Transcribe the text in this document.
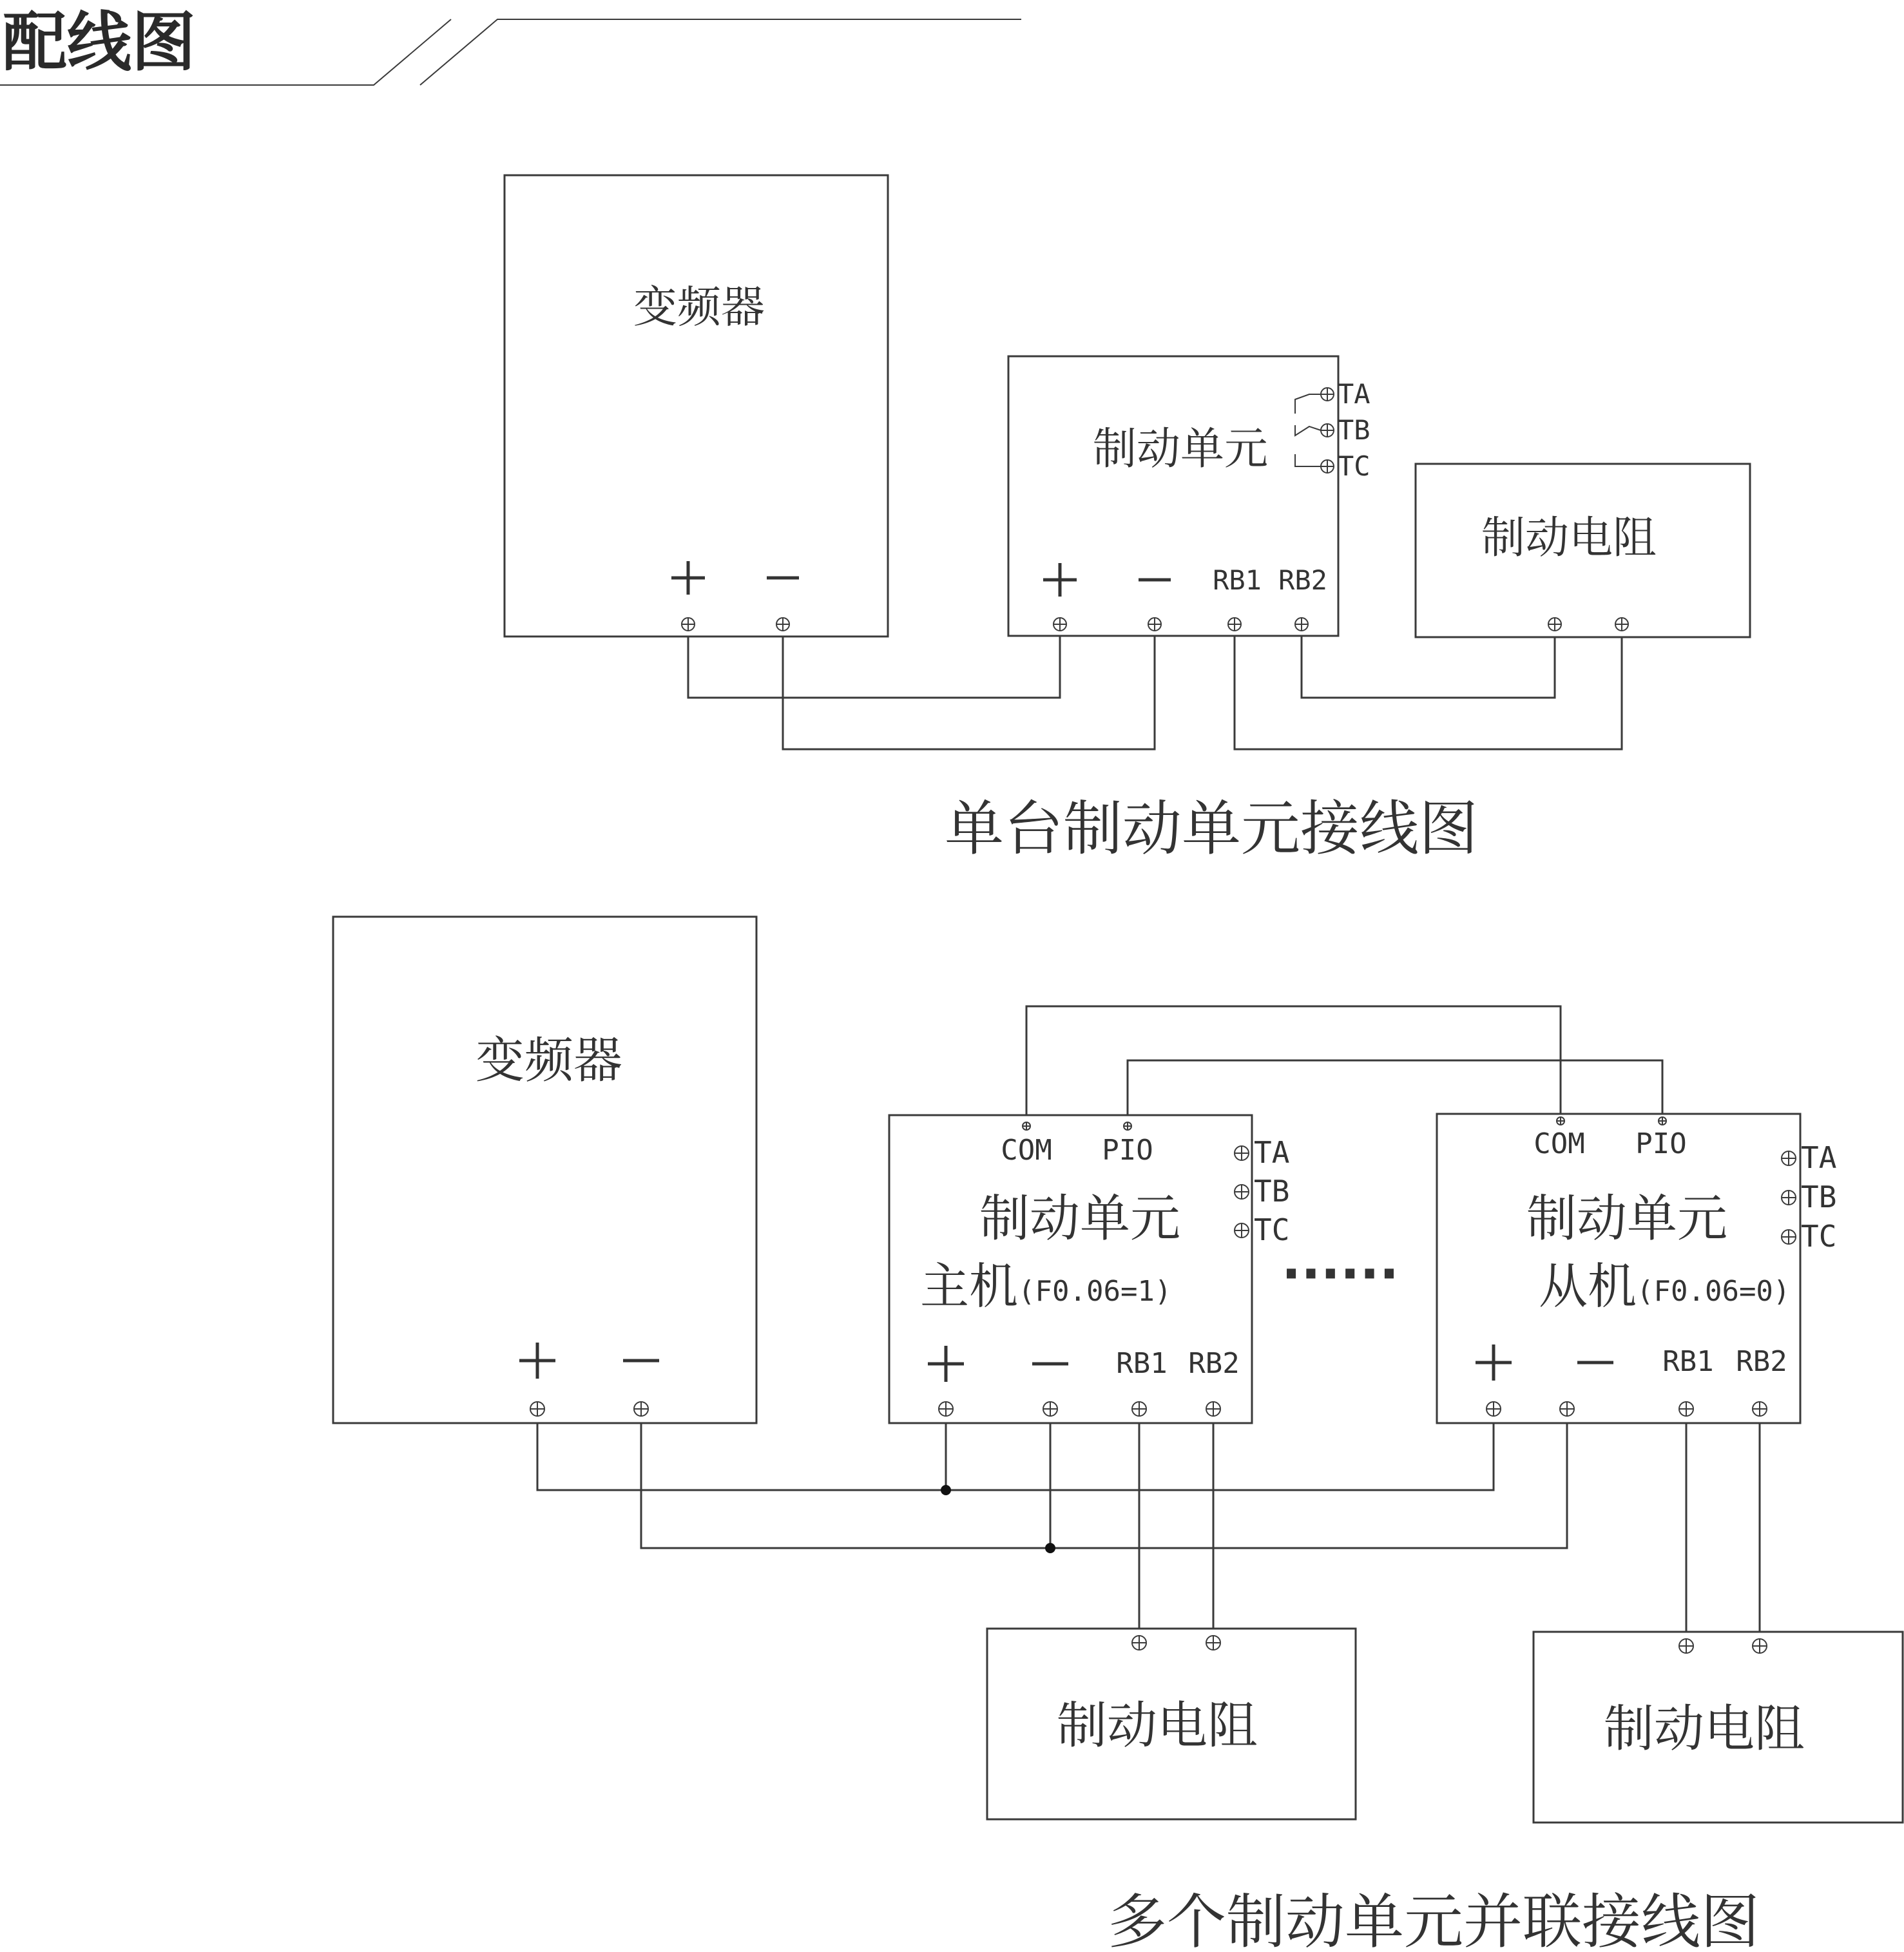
配线图
变频器
制动单元
TA
TB
TC
RB1 RB2
制动电阻
单台制动单元接线图
变频器
COM PIO	TA
TB
TC
制动单元
主机(F0.06=1)
RB1 RB2
······
COM PIO	TA
TB
TC
制动单元
从机(F0.06=0)
RB1 RB2
制动电阻	制动电阻
多个制动单元并联接线图
